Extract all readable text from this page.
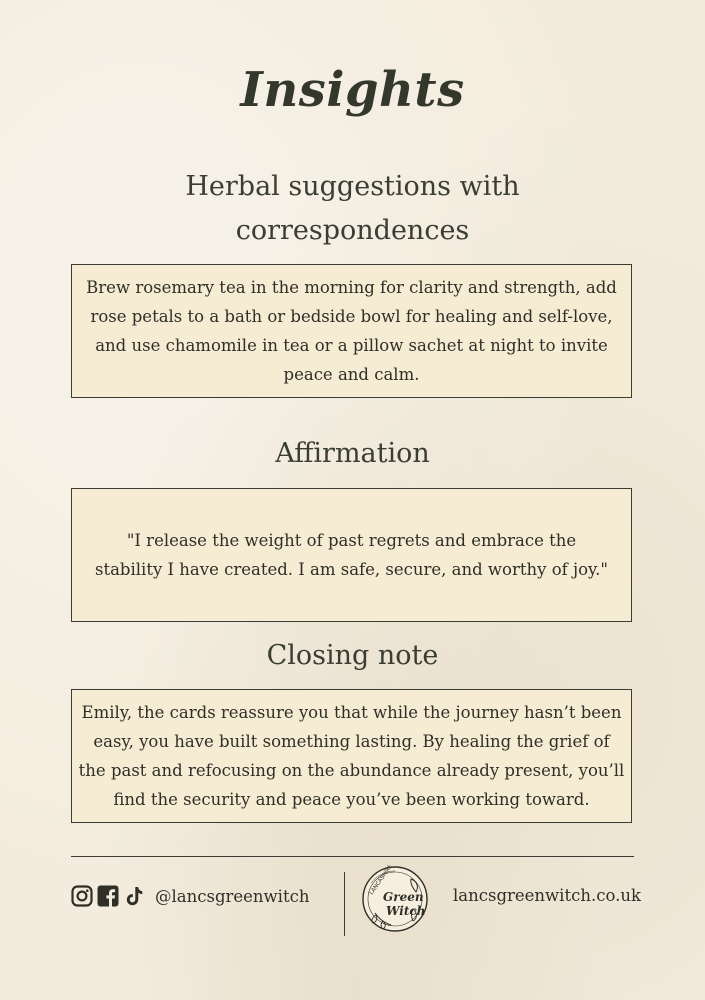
Insights
Herbal suggestions with
correspondences
Brew rosemary tea in the morning for clarity and strength, add rose petals to a bath or bedside bowl for healing and self-love, and use chamomile in tea or a pillow sachet at night to invite peace and calm.
Affirmation
"I release the weight of past regrets and embrace the stability I have created. I am safe, secure, and worthy of joy."
Closing note
Emily, the cards reassure you that while the journey hasn’t been easy, you have built something lasting. By healing the grief of the past and refocusing on the abundance already present, you’ll find the security and peace you’ve been working toward.
@lancsgreenwitch	LANCASHIRE
Green
Witch
lancsgreenwitch.co.uk
